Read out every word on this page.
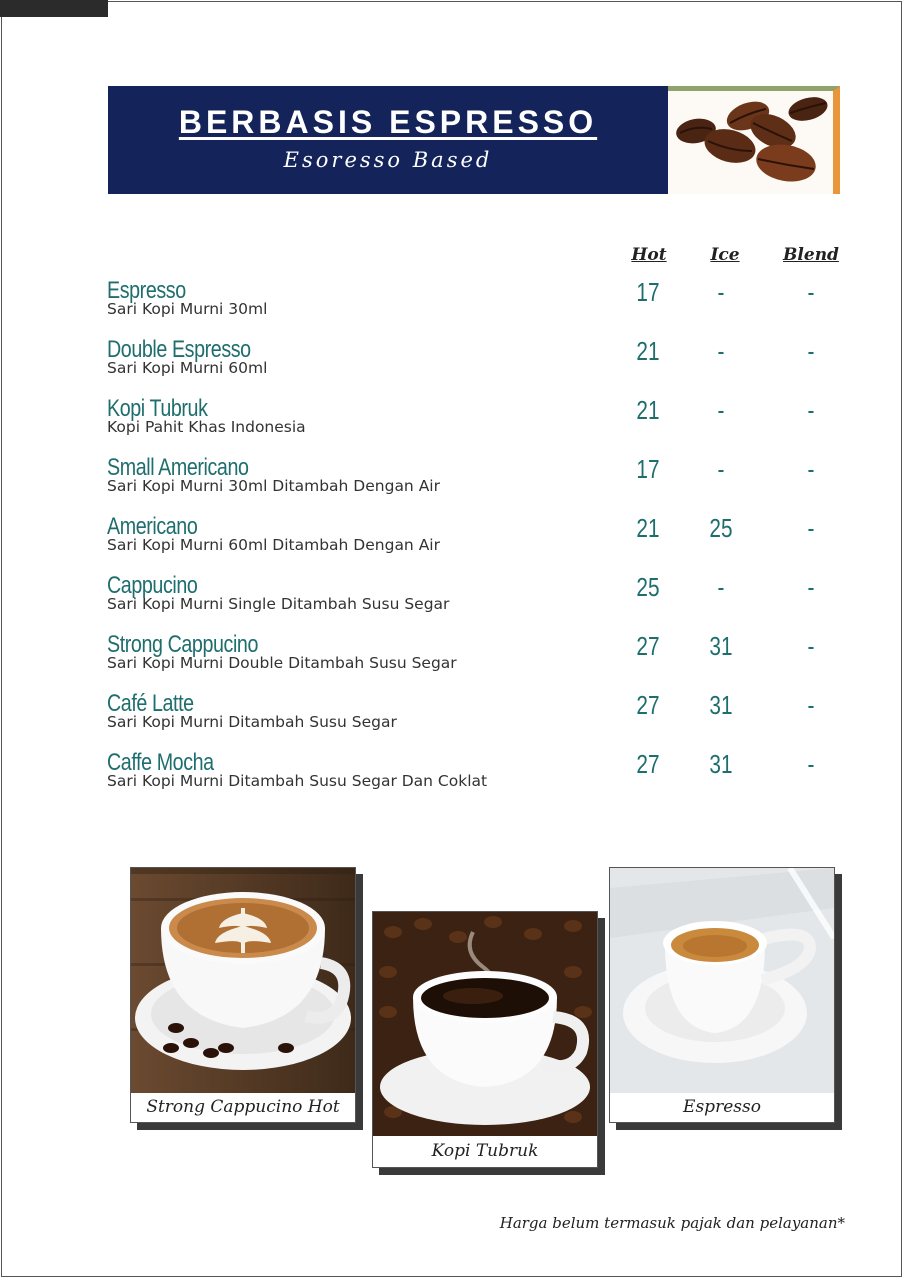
BERBASIS ESPRESSO
Esoresso Based
Hot	Ice	Blend
Espresso
Sari Kopi Murni 30ml
17	-	-
Double Espresso
Sari Kopi Murni 60ml
21	-	-
Kopi Tubruk
Kopi Pahit Khas Indonesia
21	-	-
Small Americano
Sari Kopi Murni 30ml Ditambah Dengan Air
17	-	-
Americano
Sari Kopi Murni 60ml Ditambah Dengan Air
21	25	-
Cappucino
Sari Kopi Murni Single Ditambah Susu Segar
25	-	-
Strong Cappucino
Sari Kopi Murni Double Ditambah Susu Segar
27	31	-
Café Latte
Sari Kopi Murni Ditambah Susu Segar
27	31	-
Caffe Mocha
Sari Kopi Murni Ditambah Susu Segar Dan Coklat
27	31	-
Strong Cappucino Hot
Kopi Tubruk
Espresso
Harga belum termasuk pajak dan pelayanan*
